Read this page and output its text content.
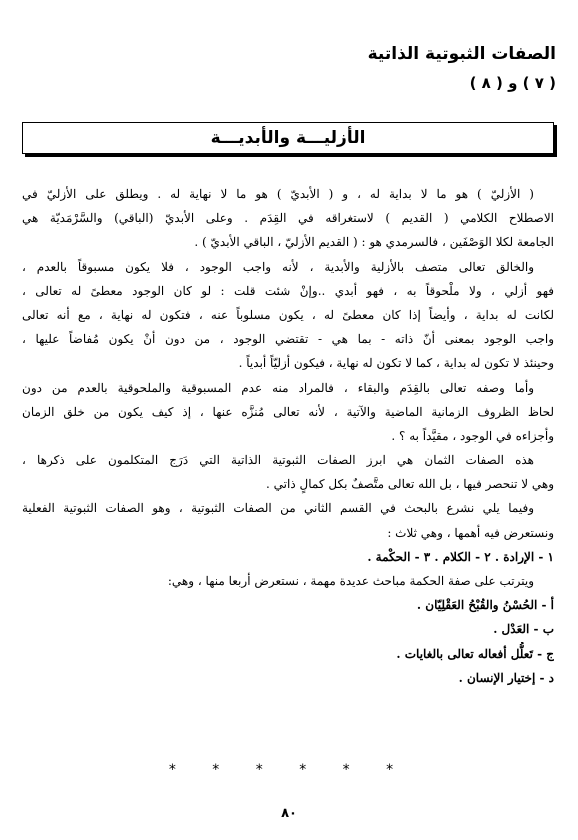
الصفات الثبوتية الذاتية
( ٧ ) و ( ٨ )
الأزليـــة والأبديـــة
( الأزليّ ) هو ما لا بداية له ، و ( الأبديّ ) هو ما لا نهاية له . ويطلق على الأزليّ في
الاصطلاح الكلامي ( القديم ) لاستغراقه في القِدَم . وعلى الأبديّ (الباقي) والسَّرْمَديّة هي
الجامعة لكلا الوَصْفَين ، فالسرمدي هو : ( القديم الأزليّ ، الباقي الأبديّ ) .
والخالق تعالى متصف بالأزلية والأبدية ، لأنه واجب الوجود ، فلا يكون مسبوقاً بالعدم ،
فهو أزلي ، ولا ملْحوقاً به ، فهو أبدي ..وإنْ شئت قلت : لو كان الوجود معطىً له تعالى ،
لكانت له بداية ، وأيضاً إذا كان معطىً له ، يكون مسلوباً عنه ، فتكون له نهاية ، مع أنه تعالى
واجب الوجود بمعنى أنّ ذاته - بما هي - تقتضي الوجود ، من دون أنْ يكون مُفاضاً عليها ،
وحينئذ لا تكون له بداية ، كما لا تكون له نهاية ، فيكون أزليّاً أبدياً .
وأما وصفه تعالى بالقِدَم والبقاء ، فالمراد منه عدم المسبوقية والملحوقية بالعدم من دون
لحاظ الظروف الزمانية الماضية والآتية ، لأنه تعالى مُنزَّه عنها ، إذ كيف يكون من خلق الزمان
وأجزاءه في الوجود ، مقيَّداً به ؟ .
هذه الصفات الثمان هي ابرز الصفات الثبوتية الذاتية التي دَرَج المتكلمون على ذكرها ،
وهي لا تنحصر فيها ، بل الله تعالى متَّصفٌ بكل كمالٍ ذاتي .
وفيما يلي نشرع بالبحث في القسم الثاني من الصفات الثبوتية ، وهو الصفات الثبوتية الفعلية
ونستعرض فيه أهمها ، وهي ثلاث :
١ - الإرادة . ٢ - الكلام . ٣ - الحكْمة .
ويترتب على صفة الحكمة مباحث عديدة مهمة ، نستعرض أربعا منها ، وهي:
أ - الحُسْنُ والقُبْحُ العَقْلِيّان .
ب - العَدْل .
ج - تَعلُّل أفعاله تعالى بالغايات .
د - إختيار الإنسان .
* * * * * *
٨٠
